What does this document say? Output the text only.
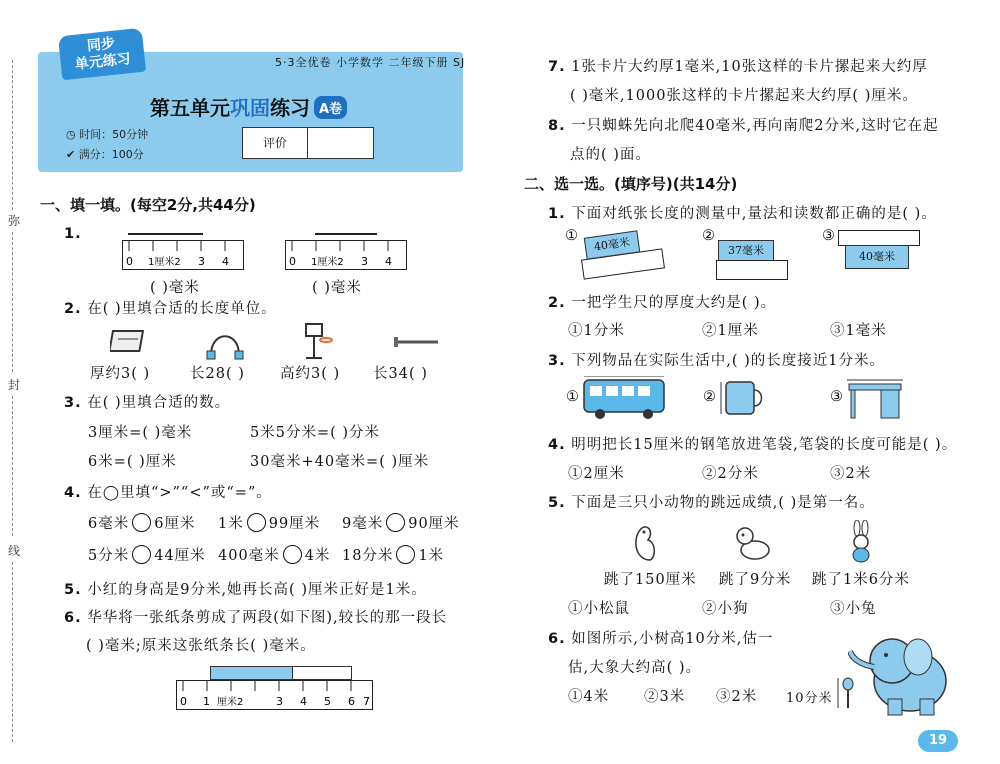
弥
封
线
同步
单元练习	5·3全优卷 小学数学 二年级下册 SJ
第五单元巩固练习 A卷
◷ 时间：50分钟
✔ 满分：100分
评价
一、填一填。(每空2分,共44分)
1.
0 1厘米2 3 4
( )毫米
0 1厘米2 3 4
( )毫米
2. 在( )里填合适的长度单位。
厚约3( )	长28( ) 高约3( ) 长34( )
3. 在( )里填合适的数。
3厘米=( )毫米	5米5分米=( )分米
6米=( )厘米	30毫米+40毫米=( )厘米
4. 在◯里填“>”“<”或“=”。
6毫米 6厘米 1米 99厘米 9毫米 90厘米
5分米 44厘米 400毫米 4米 18分米 1米
5. 小红的身高是9分米,她再长高( )厘米正好是1米。
6. 华华将一张纸条剪成了两段(如下图),较长的那一段长
( )毫米;原来这张纸条长( )毫米。
0 1 厘米2	3 4 5 6 7
7. 1张卡片大约厚1毫米,10张这样的卡片摞起来大约厚
( )毫米,1000张这样的卡片摞起来大约厚( )厘米。
8. 一只蜘蛛先向北爬40毫米,再向南爬2分米,这时它在起
点的( )面。
二、选一选。(填序号)(共14分)
1. 下面对纸张长度的测量中,量法和读数都正确的是( )。
①	40毫米	②
37毫米
③
40毫米
2. 一把学生尺的厚度大约是( )。
①1分米	②1厘米	③1毫米
3. 下列物品在实际生活中,( )的长度接近1分米。
①	②	③
4. 明明把长15厘米的钢笔放进笔袋,笔袋的长度可能是( )。
①2厘米	②2分米	③2米
5. 下面是三只小动物的跳远成绩,( )是第一名。
跳了150厘米 跳了9分米 跳了1米6分米
①小松鼠	②小狗	③小兔
6. 如图所示,小树高10分米,估一
估,大象大约高( )。
①4米 ②3米 ③2米 10分米
19
